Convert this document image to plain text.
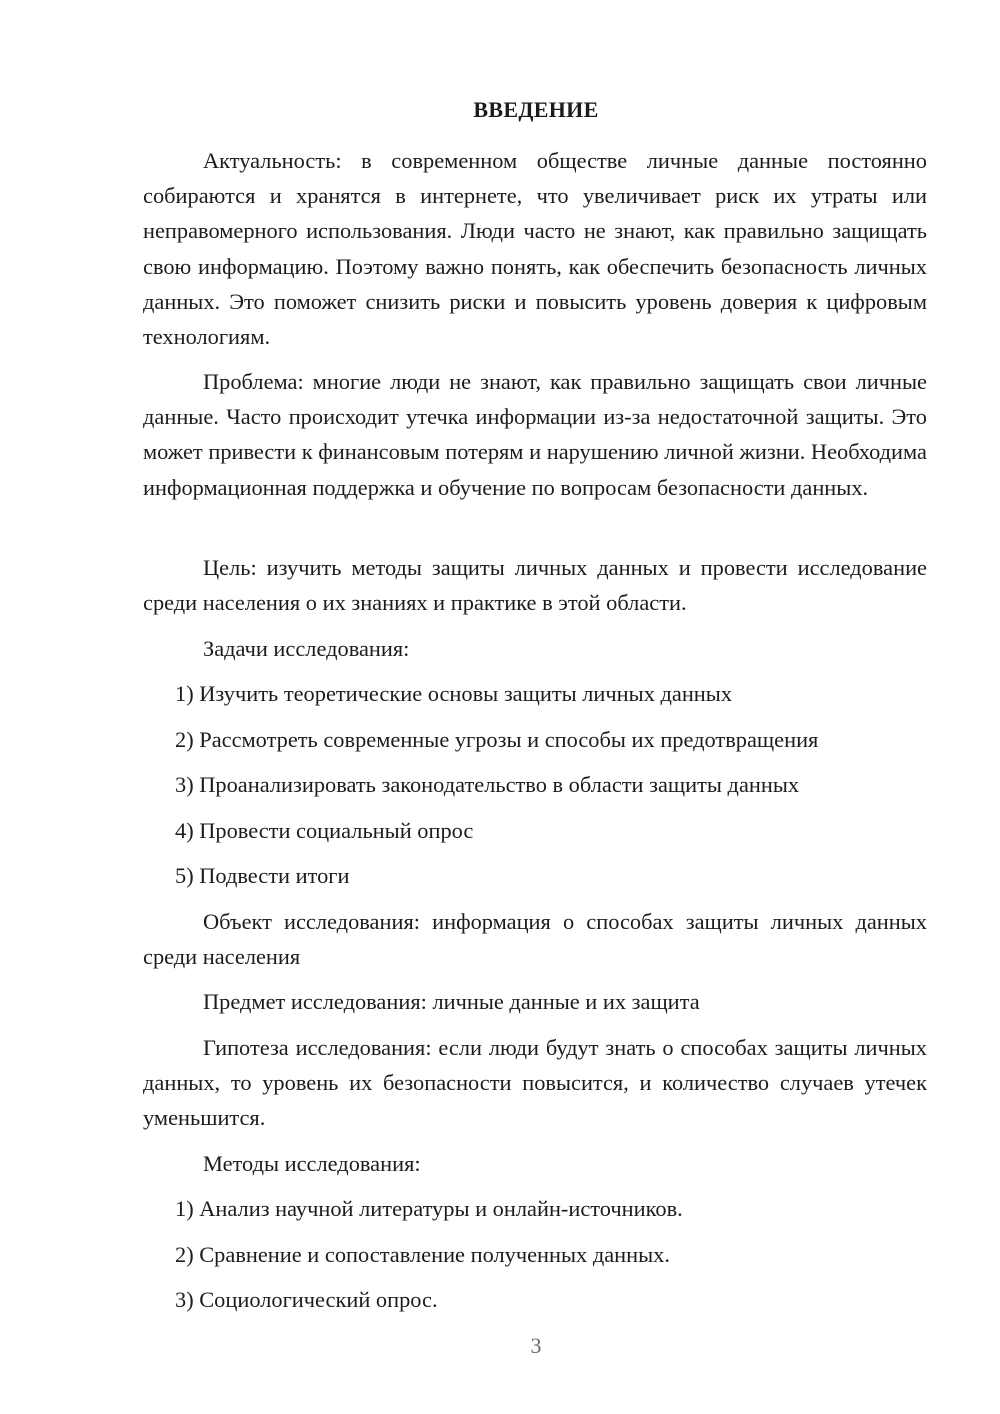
ВВЕДЕНИЕ

Актуальность: в современном обществе личные данные постоянно собираются и хранятся в интернете, что увеличивает риск их утраты или неправомерного использования. Люди часто не знают, как правильно защищать свою информацию. Поэтому важно понять, как обеспечить безопасность личных данных. Это поможет снизить риски и повысить уровень доверия к цифровым технологиям.

Проблема: многие люди не знают, как правильно защищать свои личные данные. Часто происходит утечка информации из-за недостаточной защиты. Это может привести к финансовым потерям и нарушению личной жизни. Необходима информационная поддержка и обучение по вопросам безопасности данных.

Цель: изучить методы защиты личных данных и провести исследование среди населения о их знаниях и практике в этой области.

Задачи исследования:

1) Изучить теоретические основы защиты личных данных

2) Рассмотреть современные угрозы и способы их предотвращения

3) Проанализировать законодательство в области защиты данных

4) Провести социальный опрос

5) Подвести итоги

Объект исследования: информация о способах защиты личных данных среди населения

Предмет исследования: личные данные и их защита

Гипотеза исследования: если люди будут знать о способах защиты личных данных, то уровень их безопасности повысится, и количество случаев утечек уменьшится.

Методы исследования:

1) Анализ научной литературы и онлайн-источников.

2) Сравнение и сопоставление полученных данных.

3) Социологический опрос.

3
